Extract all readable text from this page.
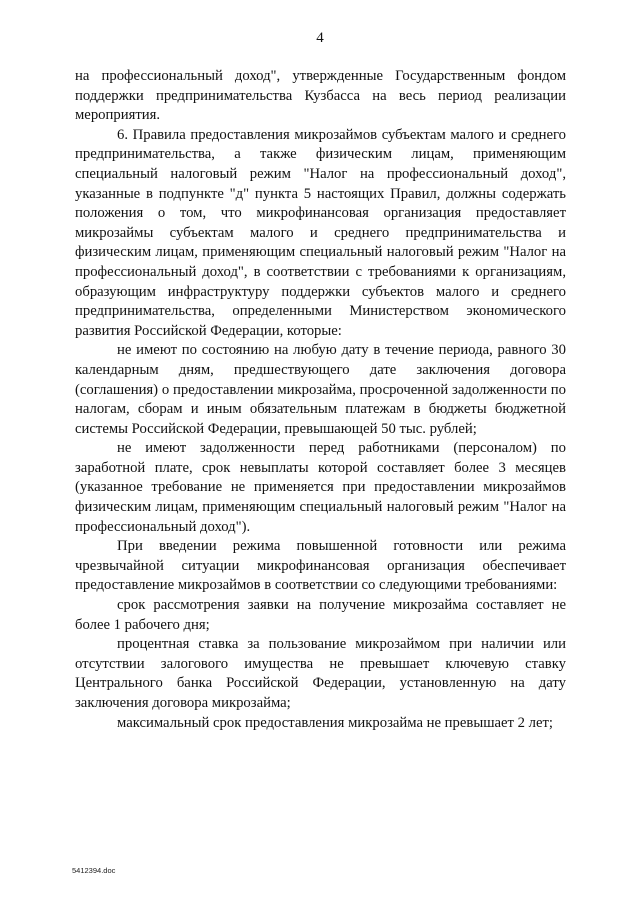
4

на профессиональный доход", утвержденные Государственным фондом поддержки предпринимательства Кузбасса на весь период реализации мероприятия.

6. Правила предоставления микрозаймов субъектам малого и среднего предпринимательства, а также физическим лицам, применяющим специальный налоговый режим "Налог на профессиональный доход", указанные в подпункте "д" пункта 5 настоящих Правил, должны содержать положения о том, что микрофинансовая организация предоставляет микрозаймы субъектам малого и среднего предпринимательства и физическим лицам, применяющим специальный налоговый режим "Налог на профессиональный доход", в соответствии с требованиями к организациям, образующим инфраструктуру поддержки субъектов малого и среднего предпринимательства, определенными Министерством экономического развития Российской Федерации, которые:

не имеют по состоянию на любую дату в течение периода, равного 30 календарным дням, предшествующего дате заключения договора (соглашения) о предоставлении микрозайма, просроченной задолженности по налогам, сборам и иным обязательным платежам в бюджеты бюджетной системы Российской Федерации, превышающей 50 тыс. рублей;

не имеют задолженности перед работниками (персоналом) по заработной плате, срок невыплаты которой составляет более 3 месяцев (указанное требование не применяется при предоставлении микрозаймов физическим лицам, применяющим специальный налоговый режим "Налог на профессиональный доход").

При введении режима повышенной готовности или режима чрезвычайной ситуации микрофинансовая организация обеспечивает предоставление микрозаймов в соответствии со следующими требованиями:

срок рассмотрения заявки на получение микрозайма составляет не более 1 рабочего дня;

процентная ставка за пользование микрозаймом при наличии или отсутствии залогового имущества не превышает ключевую ставку Центрального банка Российской Федерации, установленную на дату заключения договора микрозайма;

максимальный срок предоставления микрозайма не превышает 2 лет;

5412394.doc
